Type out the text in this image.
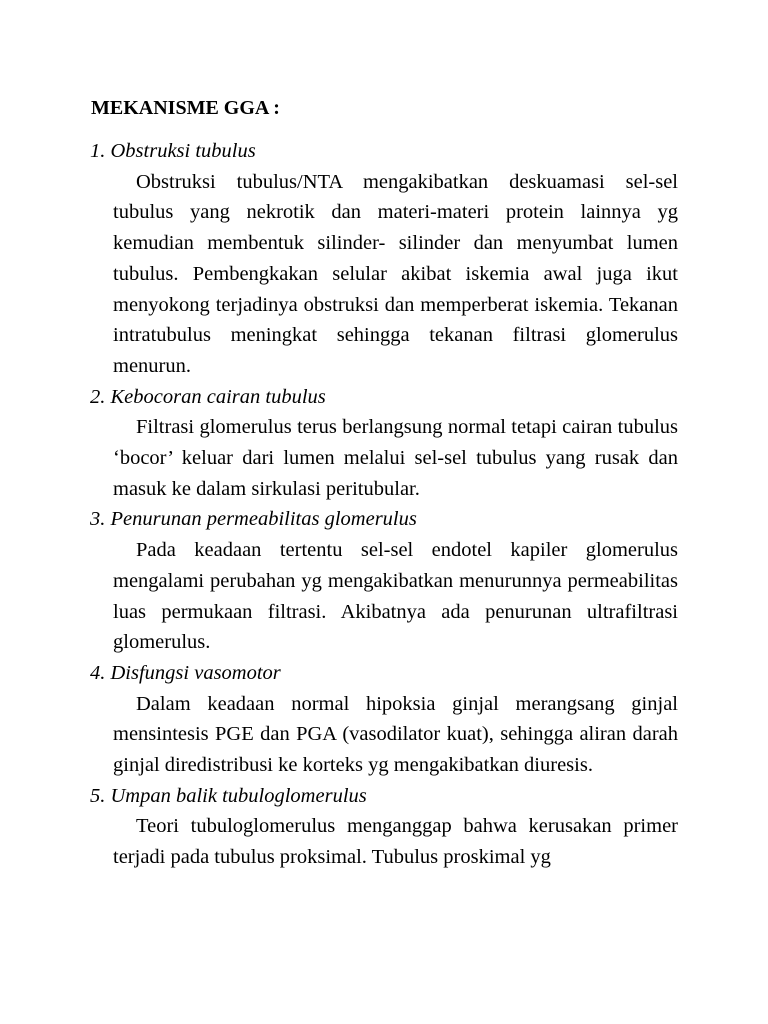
MEKANISME GGA :
1. Obstruksi tubulus
Obstruksi tubulus/NTA mengakibatkan deskuamasi sel-sel tubulus yang nekrotik dan materi-materi protein lainnya yg kemudian membentuk silinder- silinder dan menyumbat lumen tubulus. Pembengkakan selular akibat iskemia awal juga ikut menyokong terjadinya obstruksi dan memperberat iskemia. Tekanan intratubulus meningkat sehingga tekanan filtrasi glomerulus menurun.
2. Kebocoran cairan tubulus
Filtrasi glomerulus terus berlangsung normal tetapi cairan tubulus ‘bocor’ keluar dari lumen melalui sel-sel tubulus yang rusak dan masuk ke dalam sirkulasi peritubular.
3. Penurunan permeabilitas glomerulus
Pada keadaan tertentu sel-sel endotel kapiler glomerulus mengalami perubahan yg mengakibatkan menurunnya permeabilitas luas permukaan filtrasi. Akibatnya ada penurunan ultrafiltrasi glomerulus.
4. Disfungsi vasomotor
Dalam keadaan normal hipoksia ginjal merangsang ginjal mensintesis PGE dan PGA (vasodilator kuat), sehingga aliran darah ginjal diredistribusi ke korteks yg mengakibatkan diuresis.
5. Umpan balik tubuloglomerulus
Teori tubuloglomerulus menganggap bahwa kerusakan primer terjadi pada tubulus proksimal. Tubulus proskimal yg
